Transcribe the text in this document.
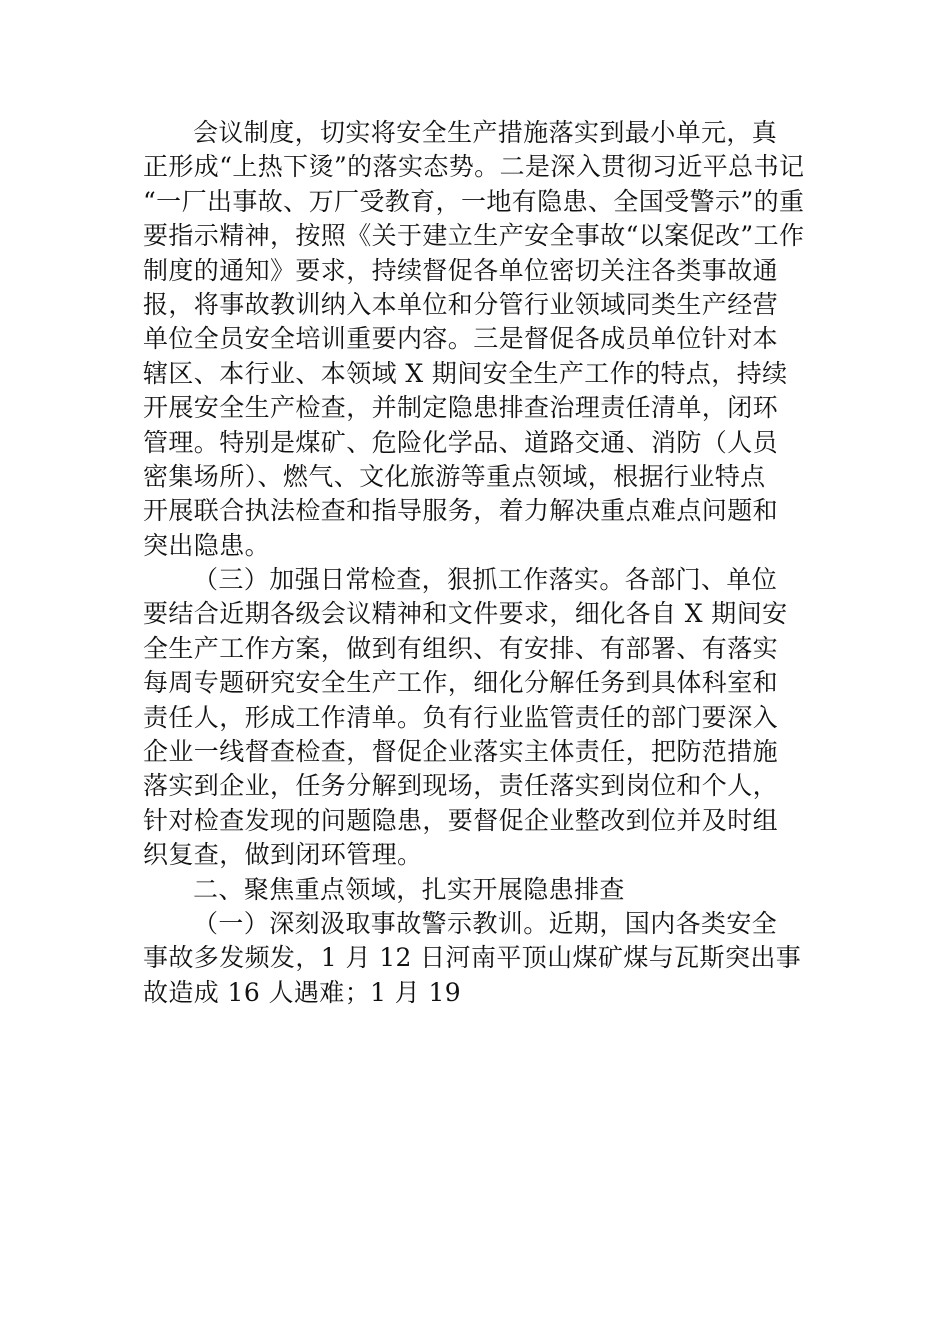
会议制度，切实将安全生产措施落实到最小单元，真
正形成“上热下烫”的落实态势。二是深入贯彻习近平总书记
“一厂出事故、万厂受教育，一地有隐患、全国受警示”的重
要指示精神，按照《关于建立生产安全事故“以案促改”工作
制度的通知》要求，持续督促各单位密切关注各类事故通
报，将事故教训纳入本单位和分管行业领域同类生产经营
单位全员安全培训重要内容。三是督促各成员单位针对本
辖区、本行业、本领域 X 期间安全生产工作的特点，持续
开展安全生产检查，并制定隐患排查治理责任清单，闭环
管理。特别是煤矿、危险化学品、道路交通、消防（人员
密集场所）、燃气、文化旅游等重点领域，根据行业特点
开展联合执法检查和指导服务，着力解决重点难点问题和
突出隐患。
（三）加强日常检查，狠抓工作落实。各部门、单位
要结合近期各级会议精神和文件要求，细化各自 X 期间安
全生产工作方案，做到有组织、有安排、有部署、有落实
每周专题研究安全生产工作，细化分解任务到具体科室和
责任人，形成工作清单。负有行业监管责任的部门要深入
企业一线督查检查，督促企业落实主体责任，把防范措施
落实到企业，任务分解到现场，责任落实到岗位和个人，
针对检查发现的问题隐患，要督促企业整改到位并及时组
织复查，做到闭环管理。
二、聚焦重点领域，扎实开展隐患排查
（一）深刻汲取事故警示教训。近期，国内各类安全
事故多发频发，1 月 12 日河南平顶山煤矿煤与瓦斯突出事
故造成 16 人遇难；1 月 19
